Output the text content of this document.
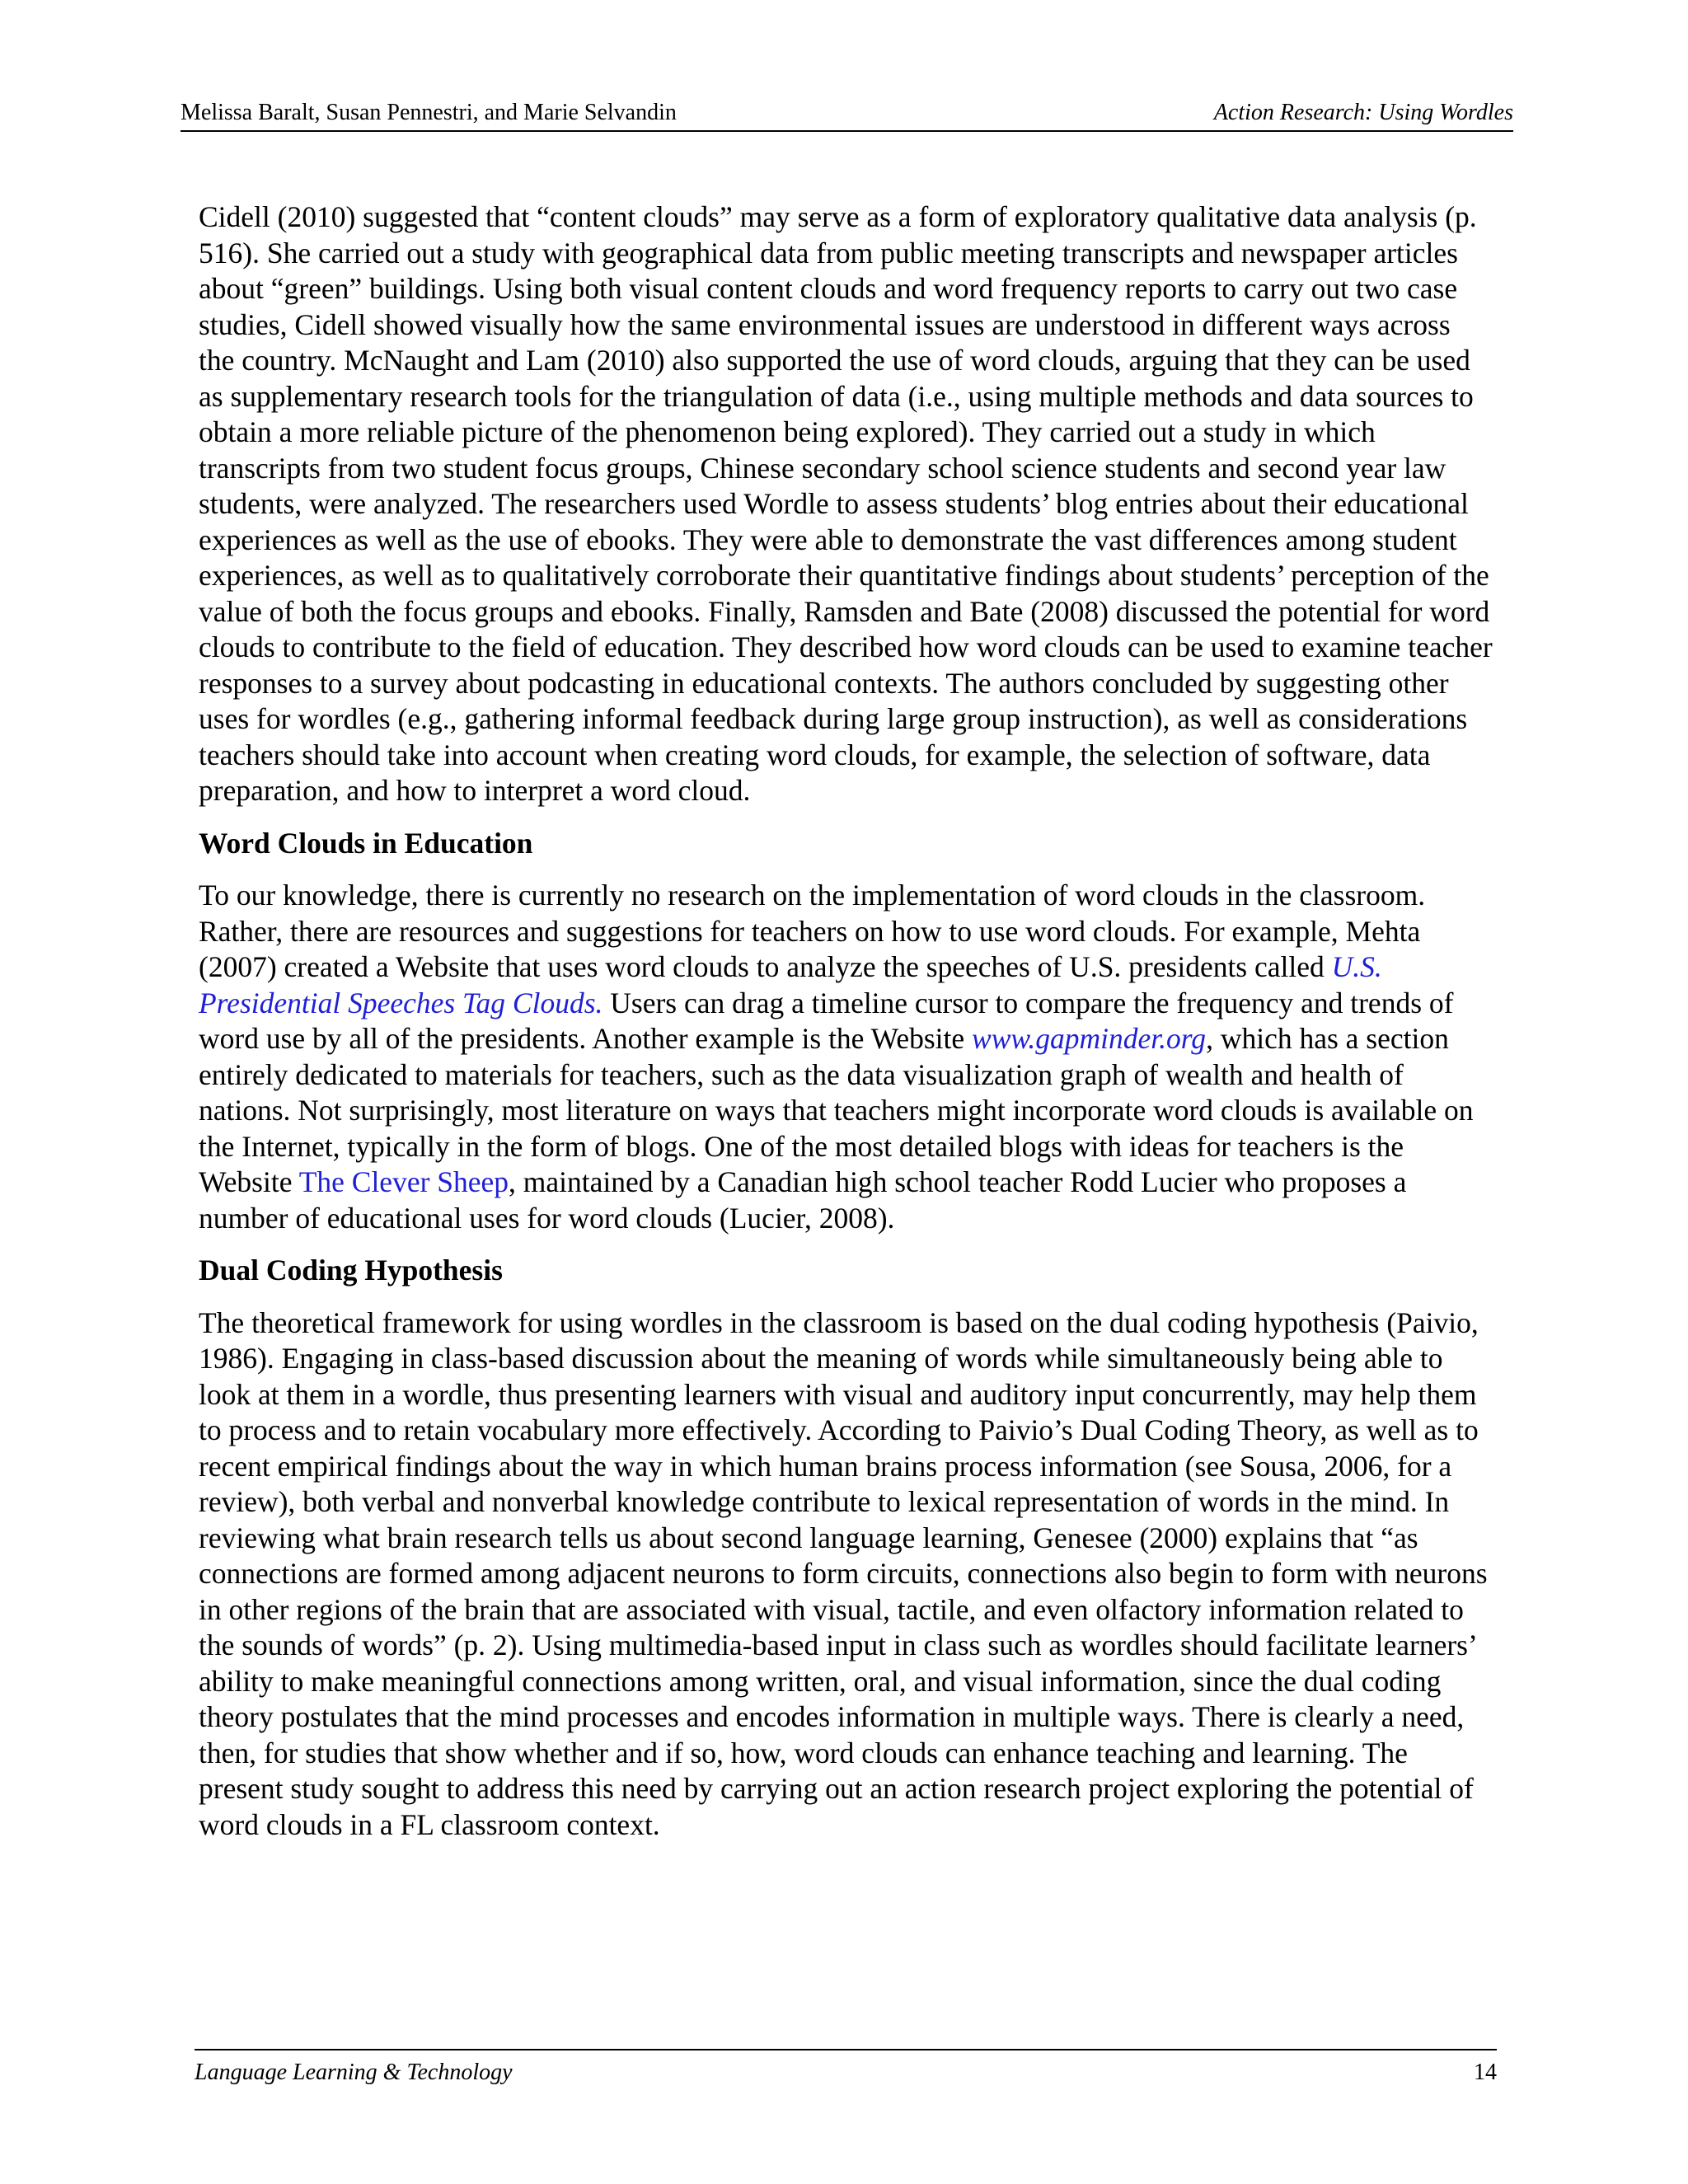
Melissa Baralt, Susan Pennestri, and Marie Selvandin	Action Research: Using Wordles

Cidell (2010) suggested that “content clouds” may serve as a form of exploratory qualitative data analysis (p. 516). She carried out a study with geographical data from public meeting transcripts and newspaper articles about “green” buildings. Using both visual content clouds and word frequency reports to carry out two case studies, Cidell showed visually how the same environmental issues are understood in different ways across the country. McNaught and Lam (2010) also supported the use of word clouds, arguing that they can be used as supplementary research tools for the triangulation of data (i.e., using multiple methods and data sources to obtain a more reliable picture of the phenomenon being explored). They carried out a study in which transcripts from two student focus groups, Chinese secondary school science students and second year law students, were analyzed. The researchers used Wordle to assess students’ blog entries about their educational experiences as well as the use of ebooks. They were able to demonstrate the vast differences among student experiences, as well as to qualitatively corroborate their quantitative findings about students’ perception of the value of both the focus groups and ebooks. Finally, Ramsden and Bate (2008) discussed the potential for word clouds to contribute to the field of education. They described how word clouds can be used to examine teacher responses to a survey about podcasting in educational contexts. The authors concluded by suggesting other uses for wordles (e.g., gathering informal feedback during large group instruction), as well as considerations teachers should take into account when creating word clouds, for example, the selection of software, data preparation, and how to interpret a word cloud.

Word Clouds in Education

To our knowledge, there is currently no research on the implementation of word clouds in the classroom. Rather, there are resources and suggestions for teachers on how to use word clouds. For example, Mehta (2007) created a Website that uses word clouds to analyze the speeches of U.S. presidents called U.S. Presidential Speeches Tag Clouds. Users can drag a timeline cursor to compare the frequency and trends of word use by all of the presidents. Another example is the Website www.gapminder.org, which has a section entirely dedicated to materials for teachers, such as the data visualization graph of wealth and health of nations. Not surprisingly, most literature on ways that teachers might incorporate word clouds is available on the Internet, typically in the form of blogs. One of the most detailed blogs with ideas for teachers is the Website The Clever Sheep, maintained by a Canadian high school teacher Rodd Lucier who proposes a number of educational uses for word clouds (Lucier, 2008).

Dual Coding Hypothesis

The theoretical framework for using wordles in the classroom is based on the dual coding hypothesis (Paivio, 1986). Engaging in class-based discussion about the meaning of words while simultaneously being able to look at them in a wordle, thus presenting learners with visual and auditory input concurrently, may help them to process and to retain vocabulary more effectively. According to Paivio’s Dual Coding Theory, as well as to recent empirical findings about the way in which human brains process information (see Sousa, 2006, for a review), both verbal and nonverbal knowledge contribute to lexical representation of words in the mind. In reviewing what brain research tells us about second language learning, Genesee (2000) explains that “as connections are formed among adjacent neurons to form circuits, connections also begin to form with neurons in other regions of the brain that are associated with visual, tactile, and even olfactory information related to the sounds of words” (p. 2). Using multimedia-based input in class such as wordles should facilitate learners’ ability to make meaningful connections among written, oral, and visual information, since the dual coding theory postulates that the mind processes and encodes information in multiple ways. There is clearly a need, then, for studies that show whether and if so, how, word clouds can enhance teaching and learning. The present study sought to address this need by carrying out an action research project exploring the potential of word clouds in a FL classroom context.

Language Learning & Technology	14
